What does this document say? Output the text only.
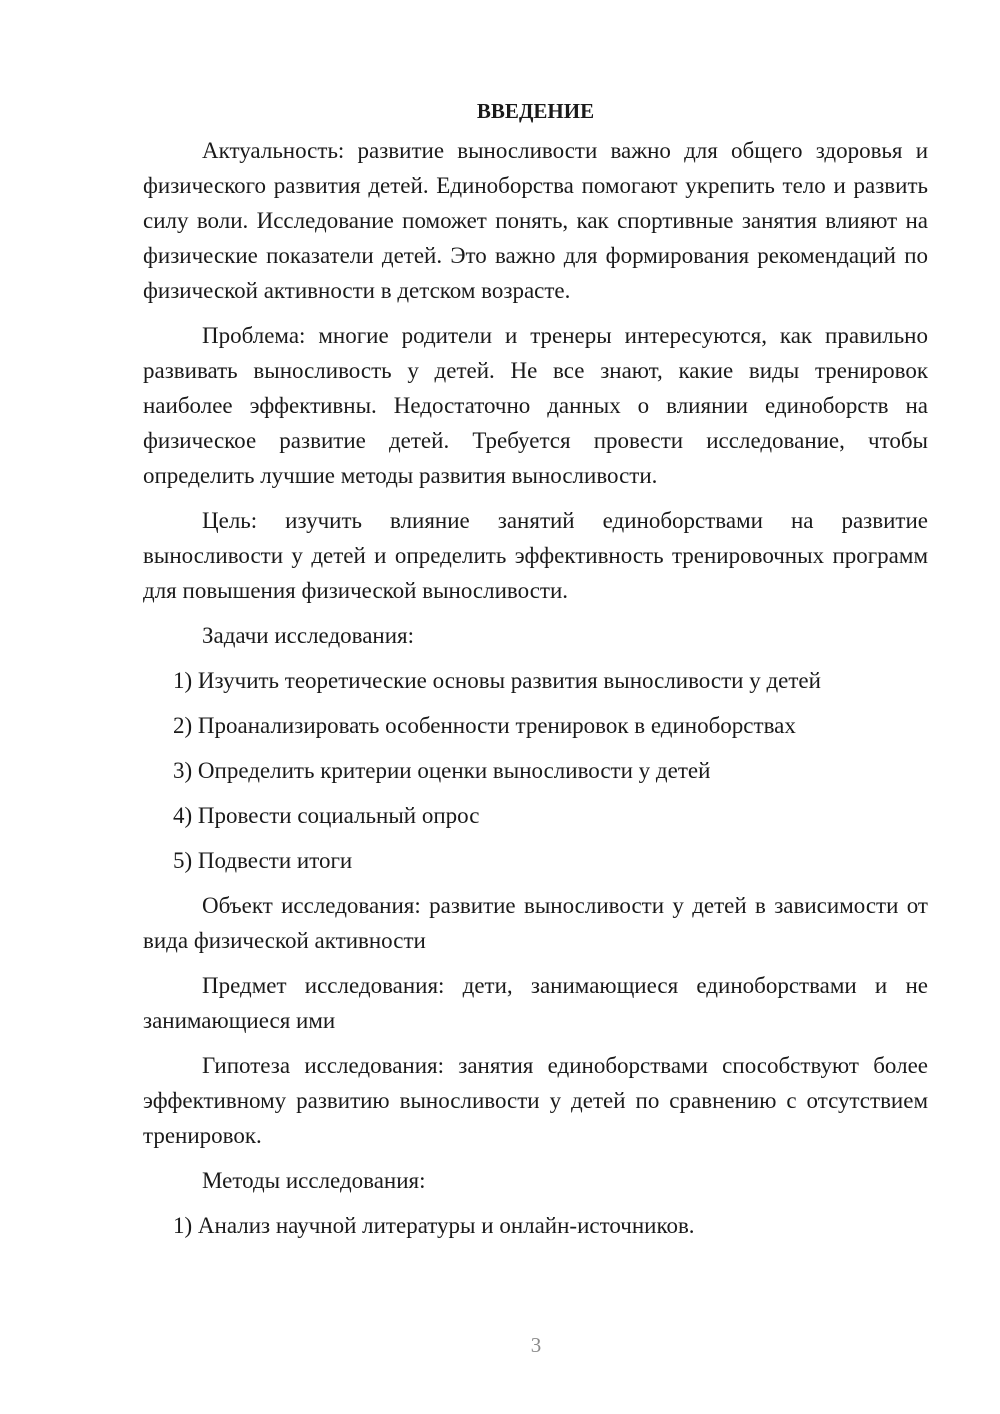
ВВЕДЕНИЕ

Актуальность: развитие выносливости важно для общего здоровья и физического развития детей. Единоборства помогают укрепить тело и развить силу воли. Исследование поможет понять, как спортивные занятия влияют на физические показатели детей. Это важно для формирования рекомендаций по физической активности в детском возрасте.

Проблема: многие родители и тренеры интересуются, как правильно развивать выносливость у детей. Не все знают, какие виды тренировок наиболее эффективны. Недостаточно данных о влиянии единоборств на физическое развитие детей. Требуется провести исследование, чтобы определить лучшие методы развития выносливости.

Цель: изучить влияние занятий единоборствами на развитие выносливости у детей и определить эффективность тренировочных программ для повышения физической выносливости.

Задачи исследования:

1) Изучить теоретические основы развития выносливости у детей

2) Проанализировать особенности тренировок в единоборствах

3) Определить критерии оценки выносливости у детей

4) Провести социальный опрос

5) Подвести итоги

Объект исследования: развитие выносливости у детей в зависимости от вида физической активности

Предмет исследования: дети, занимающиеся единоборствами и не занимающиеся ими

Гипотеза исследования: занятия единоборствами способствуют более эффективному развитию выносливости у детей по сравнению с отсутствием тренировок.

Методы исследования:

1) Анализ научной литературы и онлайн-источников.

3
